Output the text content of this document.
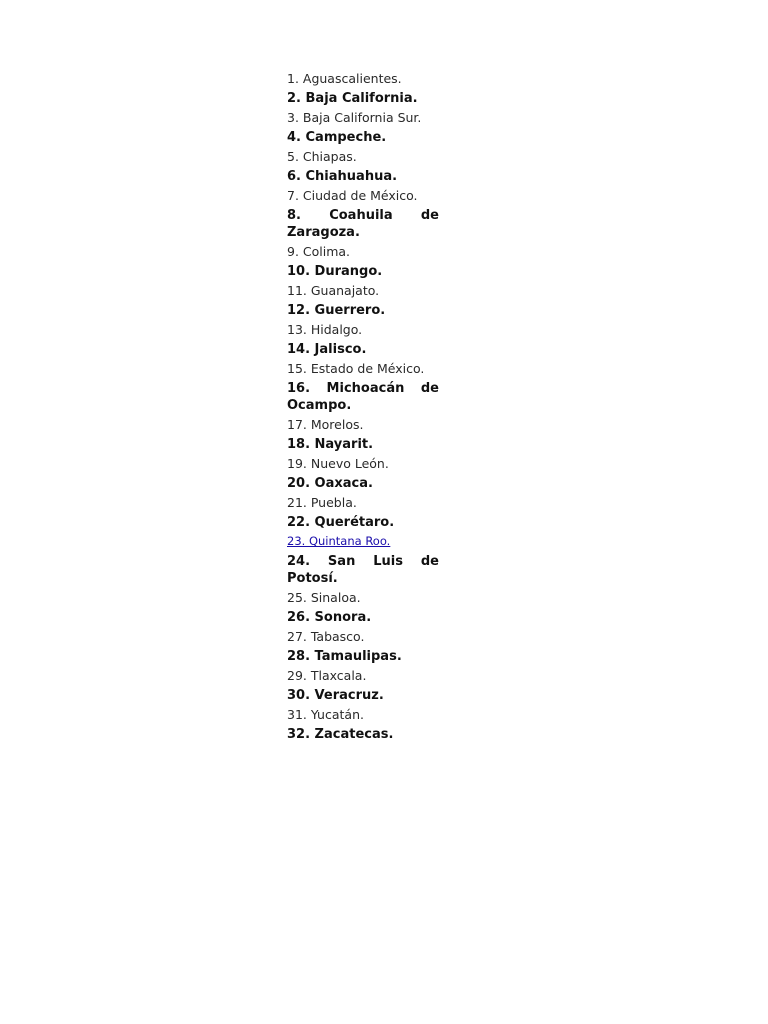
1. Aguascalientes.
2. Baja California.
3. Baja California Sur.
4. Campeche.
5. Chiapas.
6. Chiahuahua.
7. Ciudad de México.
8. Coahuila de Zaragoza.
9. Colima.
10. Durango.
11. Guanajato.
12. Guerrero.
13. Hidalgo.
14. Jalisco.
15. Estado de México.
16. Michoacán de Ocampo.
17. Morelos.
18. Nayarit.
19. Nuevo León.
20. Oaxaca.
21. Puebla.
22. Querétaro.
23. Quintana Roo.
24. San Luis de Potosí.
25. Sinaloa.
26. Sonora.
27. Tabasco.
28. Tamaulipas.
29. Tlaxcala.
30. Veracruz.
31. Yucatán.
32. Zacatecas.
